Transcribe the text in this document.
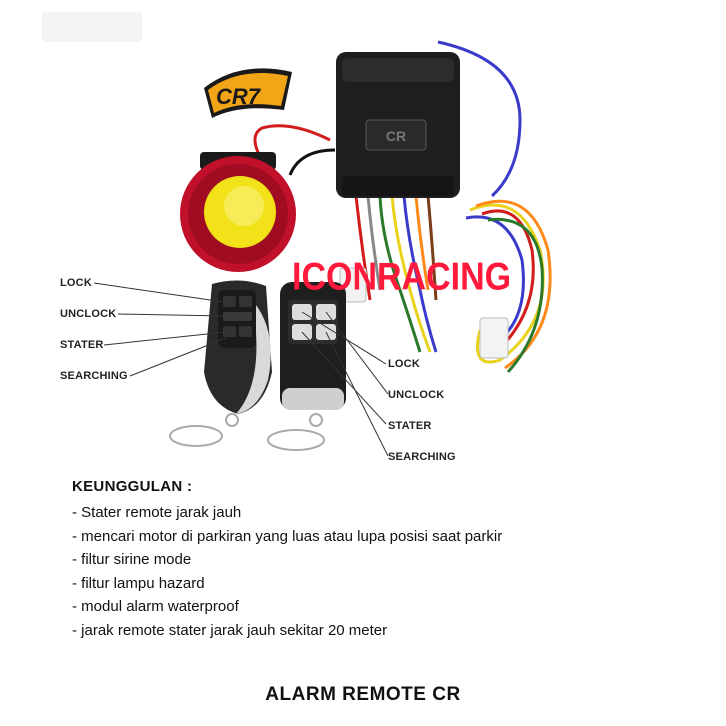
CR7
CR
ICONRACING
LOCK
UNCLOCK
STATER
SEARCHING
LOCK
UNCLOCK
STATER
SEARCHING
KEUNGGULAN :
- Stater remote jarak jauh
- mencari motor di parkiran yang luas atau lupa posisi saat parkir
- filtur sirine mode
- filtur lampu hazard
- modul alarm waterproof
- jarak remote stater jarak jauh sekitar 20 meter
ALARM REMOTE CR
